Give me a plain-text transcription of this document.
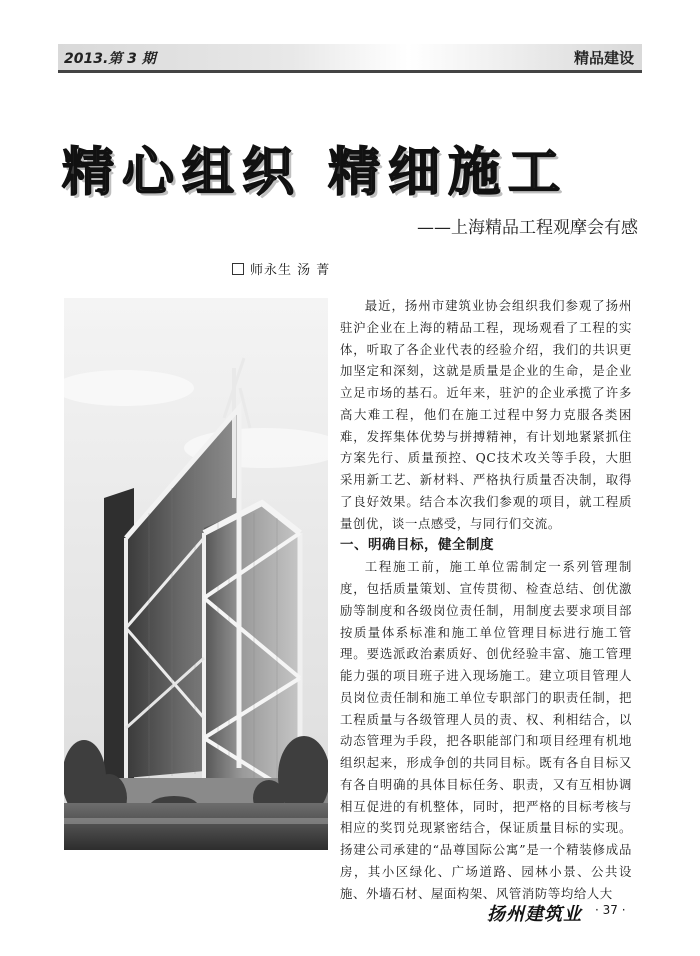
2013.第 3 期	精品建设
精心组织 精细施工
——上海精品工程观摩会有感
师永生 汤 菁

最近，扬州市建筑业协会组织我们参观了扬州驻沪企业在上海的精品工程，现场观看了工程的实体，听取了各企业代表的经验介绍，我们的共识更加坚定和深刻，这就是质量是企业的生命，是企业立足市场的基石。近年来，驻沪的企业承揽了许多高大难工程，他们在施工过程中努力克服各类困难，发挥集体优势与拼搏精神，有计划地紧紧抓住方案先行、质量预控、QC技术攻关等手段，大胆采用新工艺、新材料、严格执行质量否决制，取得了良好效果。结合本次我们参观的项目，就工程质量创优，谈一点感受，与同行们交流。

一、明确目标，健全制度

工程施工前，施工单位需制定一系列管理制度，包括质量策划、宣传贯彻、检查总结、创优激励等制度和各级岗位责任制，用制度去要求项目部按质量体系标准和施工单位管理目标进行施工管理。要选派政治素质好、创优经验丰富、施工管理能力强的项目班子进入现场施工。建立项目管理人员岗位责任制和施工单位专职部门的职责任制，把工程质量与各级管理人员的责、权、利相结合，以动态管理为手段，把各职能部门和项目经理有机地组织起来，形成争创的共同目标。既有各自目标又有各自明确的具体目标任务、职责，又有互相协调相互促进的有机整体，同时，把严格的目标考核与相应的奖罚兑现紧密结合，保证质量目标的实现。扬建公司承建的“品尊国际公寓”是一个精装修成品房，其小区绿化、广场道路、园林小景、公共设施、外墙石材、屋面构架、风管消防等均给人大

扬州建筑业 · 37 ·
